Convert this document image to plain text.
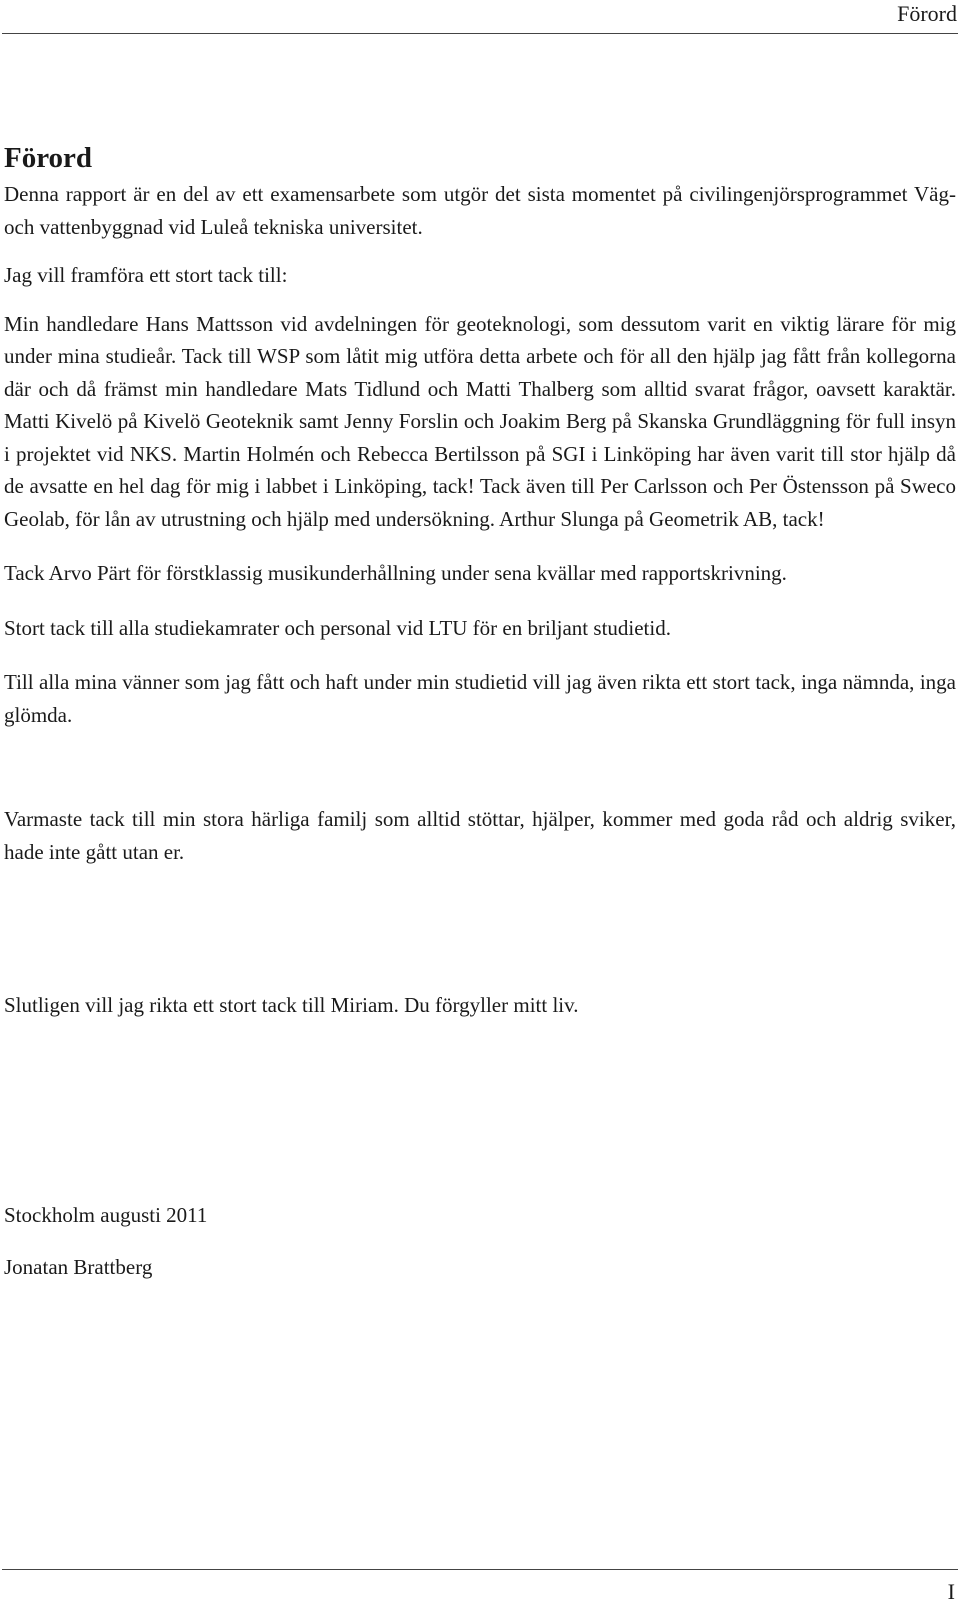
Förord
Förord

Denna rapport är en del av ett examensarbete som utgör det sista momentet på civilingenjörsprogrammet Väg- och vattenbyggnad vid Luleå tekniska universitet.

Jag vill framföra ett stort tack till:

Min handledare Hans Mattsson vid avdelningen för geoteknologi, som dessutom varit en viktig lärare för mig under mina studieår. Tack till WSP som låtit mig utföra detta arbete och för all den hjälp jag fått från kollegorna där och då främst min handledare Mats Tidlund och Matti Thalberg som alltid svarat frågor, oavsett karaktär. Matti Kivelö på Kivelö Geoteknik samt Jenny Forslin och Joakim Berg på Skanska Grundläggning för full insyn i projektet vid NKS. Martin Holmén och Rebecca Bertilsson på SGI i Linköping har även varit till stor hjälp då de avsatte en hel dag för mig i labbet i Linköping, tack! Tack även till Per Carlsson och Per Östensson på Sweco Geolab, för lån av utrustning och hjälp med undersökning. Arthur Slunga på Geometrik AB, tack!

Tack Arvo Pärt för förstklassig musikunderhållning under sena kvällar med rapportskrivning.

Stort tack till alla studiekamrater och personal vid LTU för en briljant studietid.

Till alla mina vänner som jag fått och haft under min studietid vill jag även rikta ett stort tack, inga nämnda, inga glömda.

Varmaste tack till min stora härliga familj som alltid stöttar, hjälper, kommer med goda råd och aldrig sviker, hade inte gått utan er.

Slutligen vill jag rikta ett stort tack till Miriam. Du förgyller mitt liv.

Stockholm augusti 2011

Jonatan Brattberg

I
